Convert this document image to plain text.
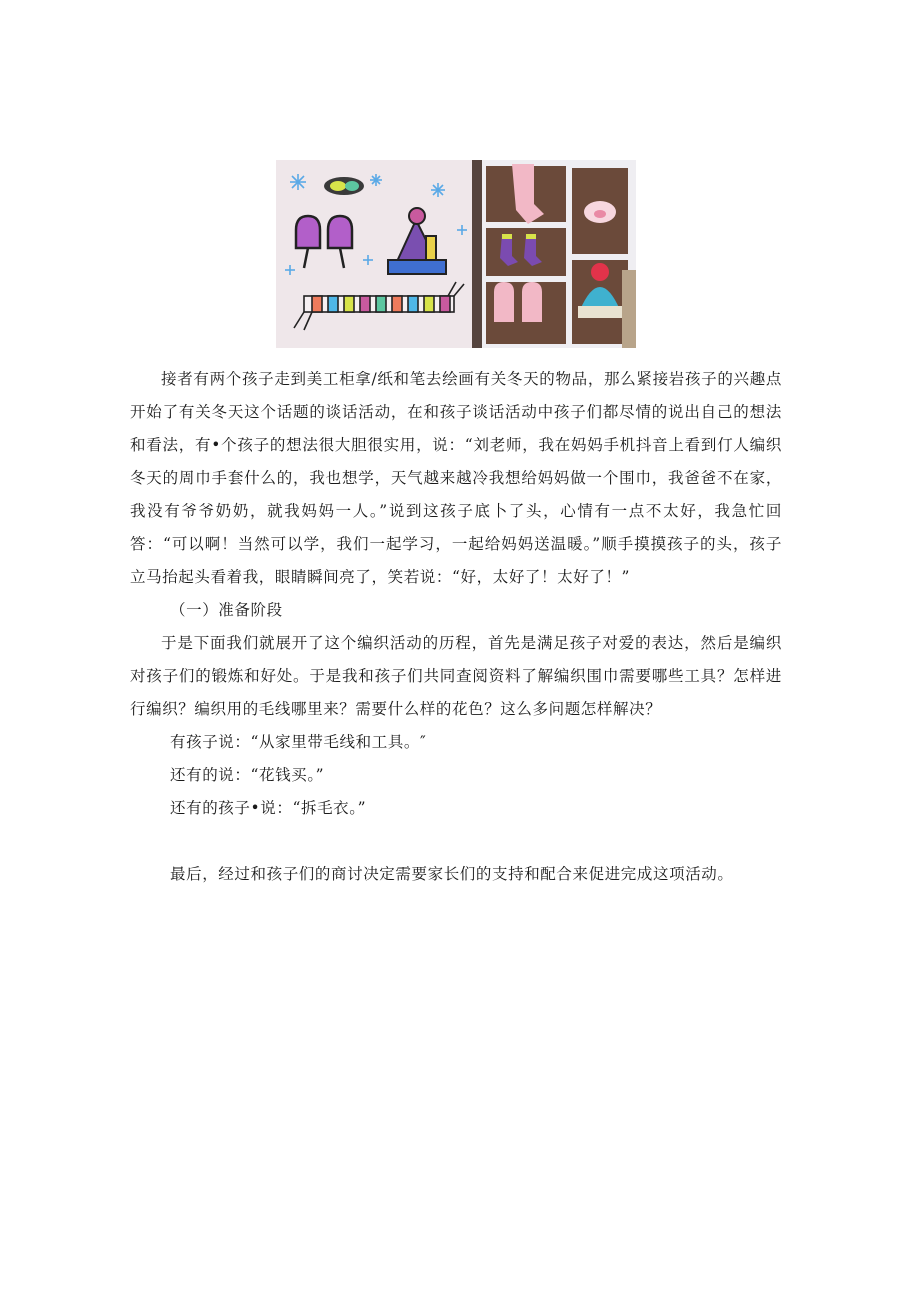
接者有两个孩子走到美工柜拿/纸和笔去绘画有关冬天的物品，那么紧接岩孩子的兴趣点开始了有关冬天这个话题的谈话活动，在和孩子谈话活动中孩子们都尽情的说出自己的想法和看法，有•个孩子的想法很大胆很实用，说：“刘老师，我在妈妈手机抖音上看到仃人编织冬天的周巾手套什么的，我也想学，天气越来越冷我想给妈妈做一个围巾，我爸爸不在家，我没有爷爷奶奶，就我妈妈一人。”说到这孩子底卜了头，心情有一点不太好，我急忙回答：“可以啊！当然可以学，我们一起学习，一起给妈妈送温暖。”顺手摸摸孩子的头，孩子立马抬起头看着我，眼睛瞬间亮了，笑若说：“好，太好了！太好了！”

（一）准备阶段

于是下面我们就展开了这个编织活动的历程，首先是满足孩子对爱的表达，然后是编织对孩子们的锻炼和好处。于是我和孩子们共同查阅资料了解编织围巾需要哪些工具？怎样进行编织？编织用的毛线哪里来？需要什么样的花色？这么多问题怎样解决？

有孩子说：“从家里带毛线和工具。″

还有的说：“花钱买。”

还有的孩子•说：“拆毛衣。”

最后，经过和孩子们的商讨决定需要家长们的支持和配合来促进完成这项活动。
